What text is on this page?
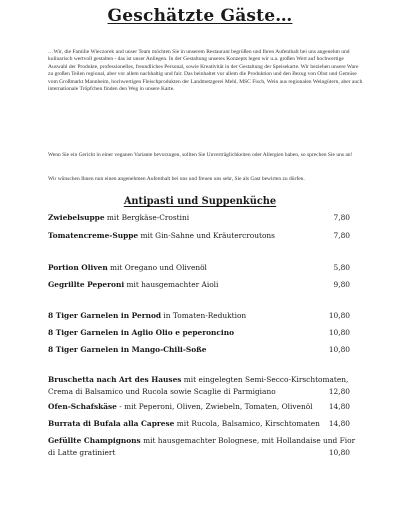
Geschätzte Gäste…

…Wir, die Familie Wieczorek und unser Team möchten Sie in unserem Restaurant begrüßen und Ihren Aufenthalt bei uns angenehm und kulinarisch wertvoll gestalten - das ist unser Anliegen. In der Gestaltung unseres Konzepts legen wir u.a. großen Wert auf hochwertige Auswahl der Produkte, professionelles, freundliches Personal, sowie Kreativität in der Gestaltung der Speisekarte. Wir beziehen unsere Ware zu großen Teilen regional, aber vor allem nachhaltig und fair. Das beinhaltet vor allem die Produktion und den Bezug von Obst und Gemüse vom Großmarkt Mannheim, hochwertigen Fleischprodukten der Landmetzgerei Mehl, MSC Fisch, Wein aus regionalen Weingütern, aber auch internationale Tröpfchen finden den Weg in unsere Karte.

Wenn Sie ein Gericht in einer veganen Variante bevorzugen, sollten Sie Unverträglichkeiten oder Allergien haben, so sprechen Sie uns an!

Wir wünschen Ihnen nun einen angenehmen Aufenthalt bei uns und freuen uns sehr, Sie als Gast bewirten zu dürfen.

Antipasti und Suppenküche
Zwiebelsuppe mit Bergkäse-Crostini	7,80
Tomatencreme-Suppe mit Gin-Sahne und Kräutercroutons	7,80
Portion Oliven mit Oregano und Olivenöl	5,80
Gegrillte Peperoni mit hausgemachter Aioli	9,80
8 Tiger Garnelen in Pernod in Tomaten-Reduktion	10,80
8 Tiger Garnelen in Aglio Olio e peperoncino	10,80
8 Tiger Garnelen in Mango-Chili-Soße	10,80
Bruschetta nach Art des Hauses mit eingelegten Semi-Secco-Kirschtomaten, Crema di Balsamico und Rucola sowie Scaglie di Parmigiano	12,80
Ofen-Schafskäse - mit Peperoni, Oliven, Zwiebeln, Tomaten, Olivenöl	14,80
Burrata di Bufala alla Caprese mit Rucola, Balsamico, Kirschtomaten	14,80
Gefüllte Champignons mit hausgemachter Bolognese, mit Hollandaise und Fior di Latte gratiniert	10,80
